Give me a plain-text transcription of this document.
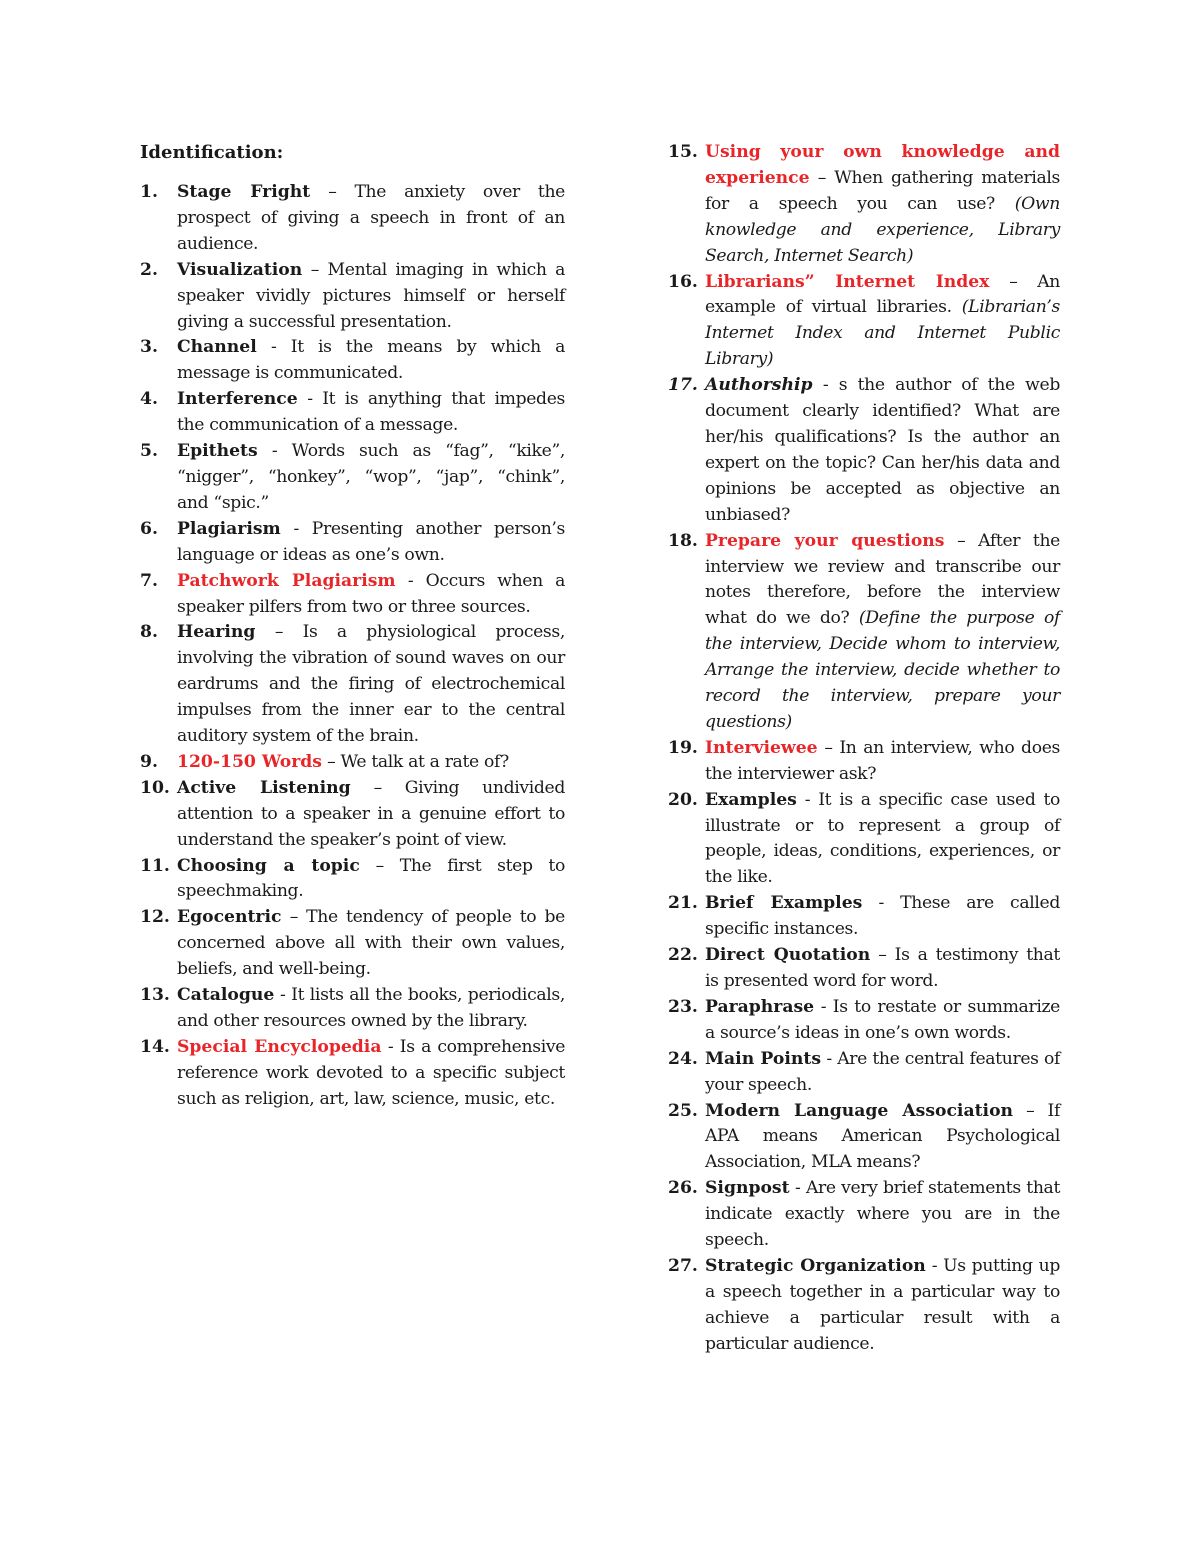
Identification:
1.	Stage Fright – The anxiety over the prospect of giving a speech in front of an audience.
2.	Visualization – Mental imaging in which a speaker vividly pictures himself or herself giving a successful presentation.
3.	Channel - It is the means by which a message is communicated.
4.	Interference - It is anything that impedes the communication of a message.
5.	Epithets - Words such as “fag”, “kike”, “nigger”, “honkey”, “wop”, “jap”, “chink”, and “spic.”
6.	Plagiarism - Presenting another person’s language or ideas as one’s own.
7.	Patchwork Plagiarism - Occurs when a speaker pilfers from two or three sources.
8.	Hearing – Is a physiological process, involving the vibration of sound waves on our eardrums and the firing of electrochemical impulses from the inner ear to the central auditory system of the brain.
9.	120-150 Words – We talk at a rate of?
10. Active Listening – Giving undivided attention to a speaker in a genuine effort to understand the speaker’s point of view.
11. Choosing a topic – The first step to speechmaking.
12. Egocentric – The tendency of people to be concerned above all with their own values, beliefs, and well-being.
13. Catalogue - It lists all the books, periodicals, and other resources owned by the library.
14. Special Encyclopedia - Is a comprehensive reference work devoted to a specific subject such as religion, art, law, science, music, etc.
15. Using your own knowledge and experience – When gathering materials for a speech you can use? (Own knowledge and experience, Library Search, Internet Search)
16. Librarians” Internet Index – An example of virtual libraries. (Librarian’s Internet Index and Internet Public Library)
17. Authorship - s the author of the web document clearly identified? What are her/his qualifications? Is the author an expert on the topic? Can her/his data and opinions be accepted as objective an unbiased?
18. Prepare your questions – After the interview we review and transcribe our notes therefore, before the interview what do we do? (Define the purpose of the interview, Decide whom to interview, Arrange the interview, decide whether to record the interview, prepare your questions)
19. Interviewee – In an interview, who does the interviewer ask?
20. Examples - It is a specific case used to illustrate or to represent a group of people, ideas, conditions, experiences, or the like.
21. Brief Examples - These are called specific instances.
22. Direct Quotation – Is a testimony that is presented word for word.
23. Paraphrase - Is to restate or summarize a source’s ideas in one’s own words.
24. Main Points - Are the central features of your speech.
25. Modern Language Association – If APA means American Psychological Association, MLA means?
26. Signpost - Are very brief statements that indicate exactly where you are in the speech.
27. Strategic Organization - Us putting up a speech together in a particular way to achieve a particular result with a particular audience.
